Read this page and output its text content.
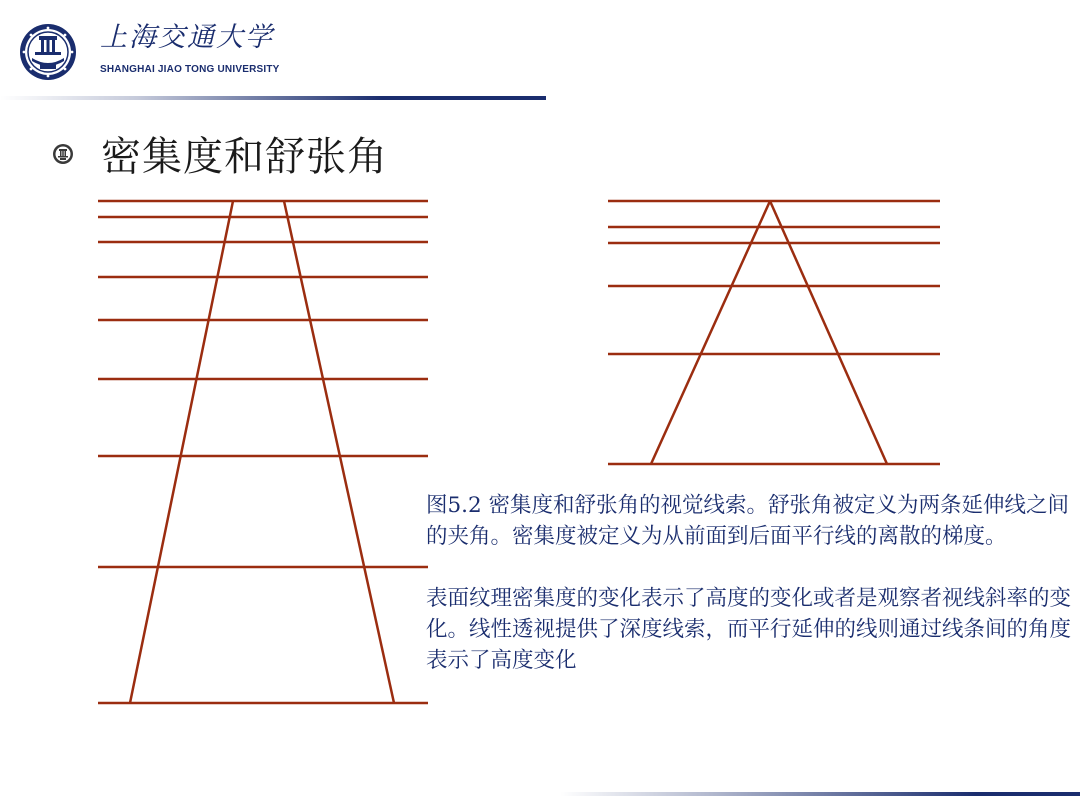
上海交通大学
SHANGHAI JIAO TONG UNIVERSITY
密集度和舒张角

图5.2 密集度和舒张角的视觉线索。舒张角被定义为两条延伸线之间的夹角。密集度被定义为从前面到后面平行线的离散的梯度。

表面纹理密集度的变化表示了高度的变化或者是观察者视线斜率的变化。线性透视提供了深度线索，而平行延伸的线则通过线条间的角度表示了高度变化
